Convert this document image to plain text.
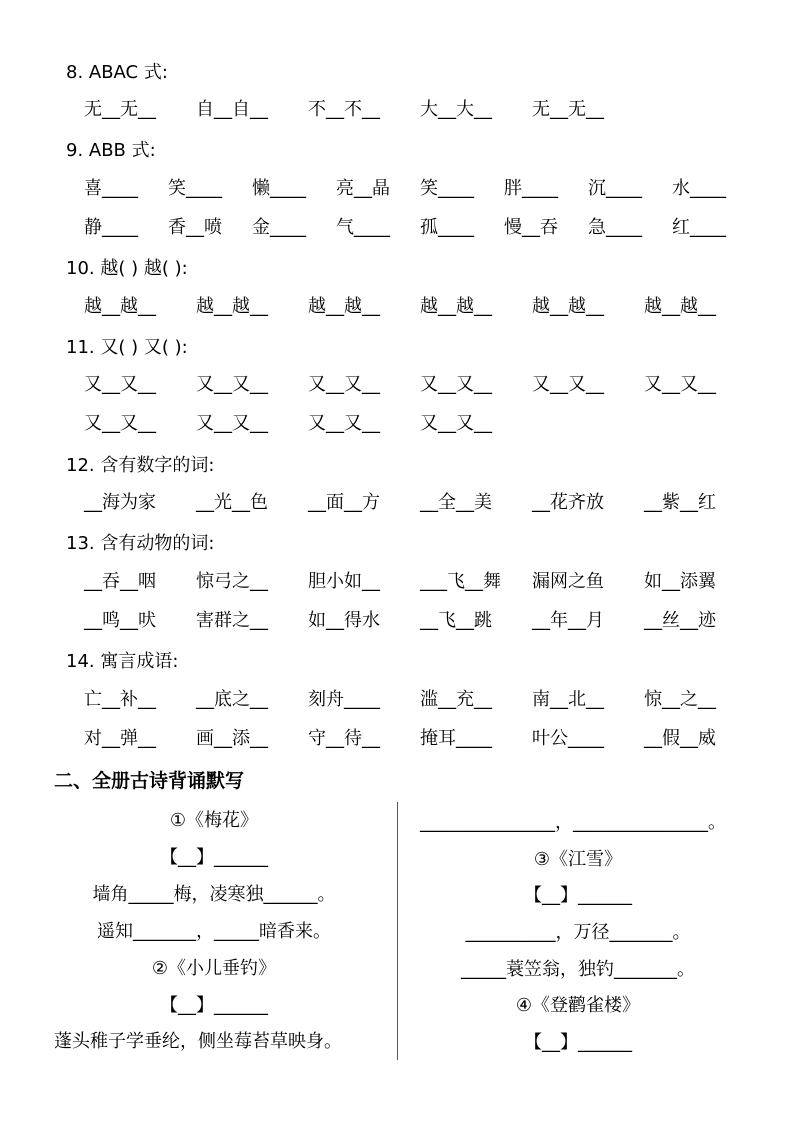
8. ABAC 式:
无__无__ 自__自__ 不__不__ 大__大__ 无__无__
9. ABB 式:
喜____ 笑____ 懒____ 亮__晶 笑____ 胖____ 沉____ 水____
静____ 香__喷 金____ 气____ 孤____ 慢__吞 急____ 红____
10. 越( ) 越( ):
越__越__ 越__越__ 越__越__ 越__越__ 越__越__ 越__越__
11. 又( ) 又( ):
又__又__ 又__又__ 又__又__ 又__又__ 又__又__ 又__又__
又__又__ 又__又__ 又__又__ 又__又__
12. 含有数字的词:
__海为家 __光__色 __面__方 __全__美 __花齐放 __紫__红
13. 含有动物的词:
__吞__咽 惊弓之__ 胆小如__ ___飞__舞 漏网之鱼 如__添翼
__鸣__吠 害群之__ 如__得水 __飞__跳 __年__月 __丝__迹
14. 寓言成语:
亡__补__ __底之__ 刻舟____ 滥__充__ 南__北__ 惊__之__
对__弹__ 画__添__ 守__待__ 掩耳____ 叶公____ __假__威
二、全册古诗背诵默写
①《梅花》
【__】______
墙角_____梅，凌寒独______。
遥知_______，_____暗香来。
②《小儿垂钓》
【__】______
蓬头稚子学垂纶，侧坐莓苔草映身。
_______________，_______________。
③《江雪》
【__】______
__________，万径_______。
_____蓑笠翁，独钓_______。
④《登鹳雀楼》
【__】______
